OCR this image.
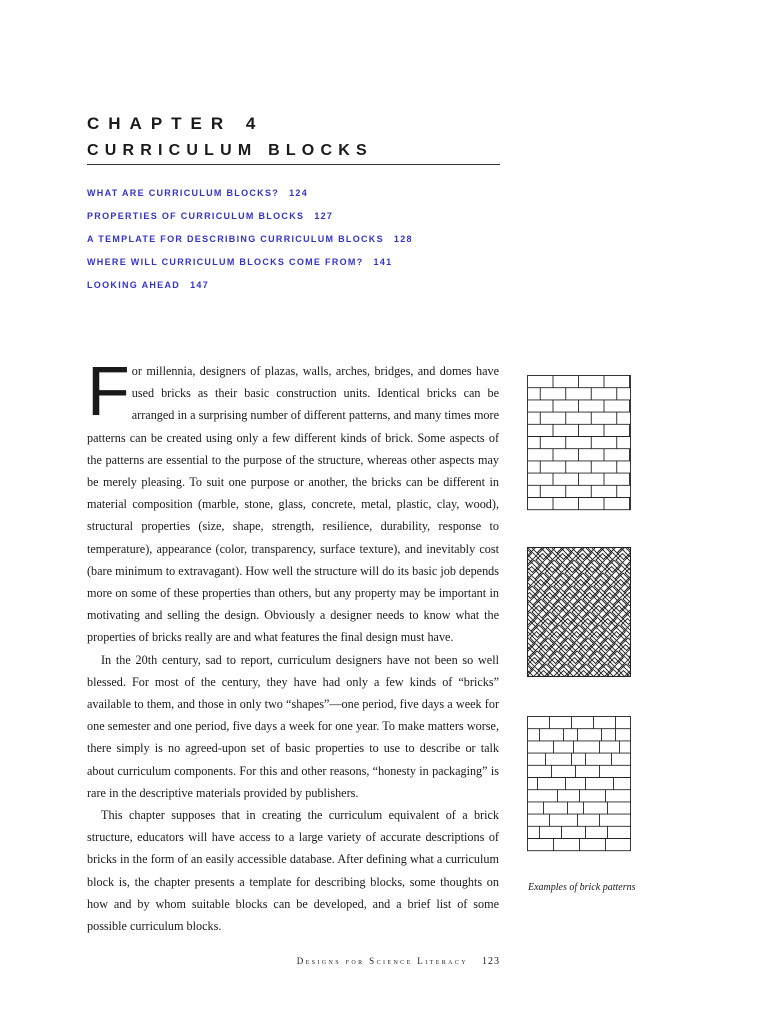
CHAPTER 4
CURRICULUM BLOCKS
WHAT ARE CURRICULUM BLOCKS? 124
PROPERTIES OF CURRICULUM BLOCKS 127
A TEMPLATE FOR DESCRIBING CURRICULUM BLOCKS 128
WHERE WILL CURRICULUM BLOCKS COME FROM? 141
LOOKING AHEAD 147

For millennia, designers of plazas, walls, arches, bridges, and domes have used bricks as their basic construction units. Identical bricks can be arranged in a surprising number of different patterns, and many times more patterns can be created using only a few different kinds of brick. Some aspects of the patterns are essential to the purpose of the structure, whereas other aspects may be merely pleasing. To suit one purpose or another, the bricks can be different in material composition (marble, stone, glass, concrete, metal, plastic, clay, wood), structural properties (size, shape, strength, resilience, durability, response to temperature), appearance (color, transparency, surface texture), and inevitably cost (bare minimum to extravagant). How well the structure will do its basic job depends more on some of these properties than others, but any property may be important in motivating and selling the design. Obviously a designer needs to know what the properties of bricks really are and what features the final design must have.

In the 20th century, sad to report, curriculum designers have not been so well blessed. For most of the century, they have had only a few kinds of “bricks” available to them, and those in only two “shapes”—one period, five days a week for one semester and one period, five days a week for one year. To make matters worse, there simply is no agreed-upon set of basic properties to use to describe or talk about curriculum components. For this and other reasons, “honesty in packaging” is rare in the descriptive materials provided by publishers.

This chapter supposes that in creating the curriculum equivalent of a brick structure, educators will have access to a large variety of accurate descriptions of bricks in the form of an easily accessible database. After defining what a curriculum block is, the chapter presents a template for describing blocks, some thoughts on how and by whom suitable blocks can be developed, and a brief list of some possible curriculum blocks.

Examples of brick patterns

Designs for Science Literacy 123
